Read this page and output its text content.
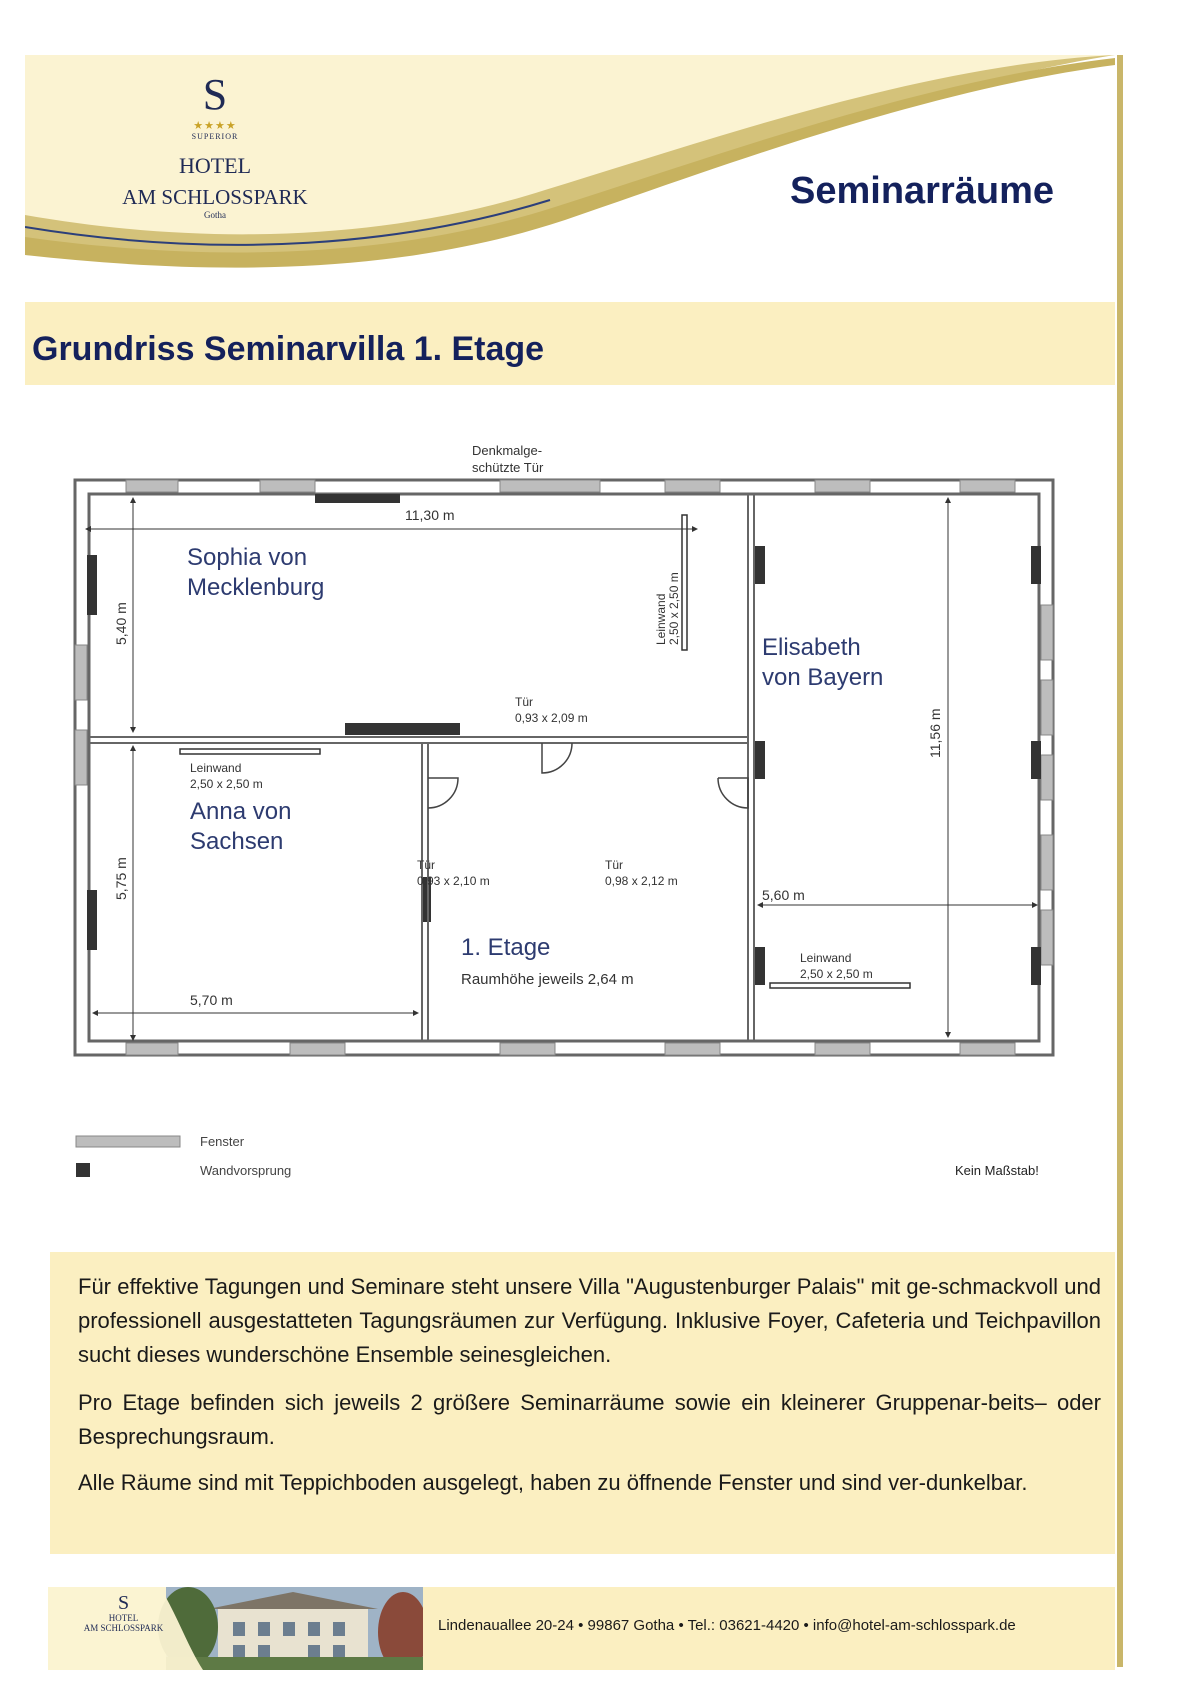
S
★★★★
SUPERIOR
HOTEL
AM SCHLOSSPARK
Gotha
Seminarräume
Grundriss Seminarvilla 1. Etage
Denkmalge-
schützte Tür
Sophia von
Mecklenburg
Elisabeth
von Bayern
Anna von
Sachsen
1. Etage
Raumhöhe jeweils 2,64 m
11,30 m
5,40 m
5,75 m
5,70 m
5,60 m
11,56 m
Tür
0,93 x 2,09 m
Tür
0,93 x 2,10 m
Tür
0,98 x 2,12 m
Leinwand 2,50 x 2,50 m
Leinwand
2,50 x 2,50 m
Leinwand
2,50 x 2,50 m
Fenster
Wandvorsprung	Kein Maßstab!

Für effektive Tagungen und Seminare steht unsere Villa "Augustenburger Palais" mit ge-schmackvoll und professionell ausgestatteten Tagungsräumen zur Verfügung. Inklusive Foyer, Cafeteria und Teichpavillon sucht dieses wunderschöne Ensemble seinesgleichen.

Pro Etage befinden sich jeweils 2 größere Seminarräume sowie ein kleinerer Gruppenar-beits– oder Besprechungsraum.

Alle Räume sind mit Teppichboden ausgelegt, haben zu öffnende Fenster und sind ver-dunkelbar.

S
HOTEL
AM SCHLOSSPARK	Lindenauallee 20-24 • 99867 Gotha • Tel.: 03621-4420 • info@hotel-am-schlosspark.de
